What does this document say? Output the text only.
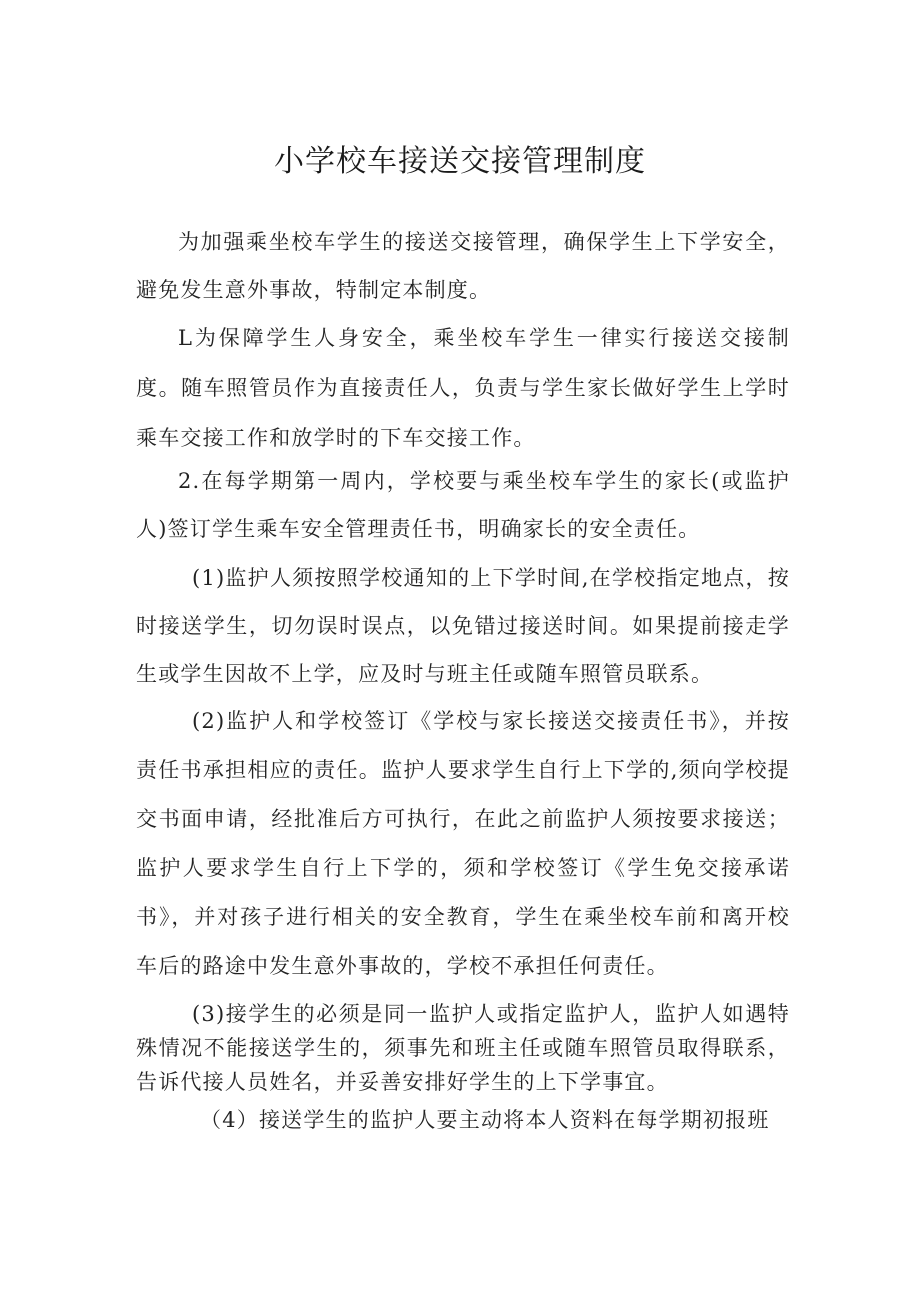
小学校车接送交接管理制度

为加强乘坐校车学生的接送交接管理，确保学生上下学安全，避免发生意外事故，特制定本制度。

L为保障学生人身安全，乘坐校车学生一律实行接送交接制度。随车照管员作为直接责任人，负责与学生家长做好学生上学时乘车交接工作和放学时的下车交接工作。

2.在每学期第一周内，学校要与乘坐校车学生的家长(或监护人)签订学生乘车安全管理责任书，明确家长的安全责任。

(1)监护人须按照学校通知的上下学时间,在学校指定地点，按时接送学生，切勿误时误点，以免错过接送时间。如果提前接走学生或学生因故不上学，应及时与班主任或随车照管员联系。

(2)监护人和学校签订《学校与家长接送交接责任书》，并按责任书承担相应的责任。监护人要求学生自行上下学的,须向学校提交书面申请，经批准后方可执行，在此之前监护人须按要求接送；监护人要求学生自行上下学的，须和学校签订《学生免交接承诺书》，并对孩子进行相关的安全教育，学生在乘坐校车前和离开校车后的路途中发生意外事故的，学校不承担任何责任。

(3)接学生的必须是同一监护人或指定监护人，监护人如遇特殊情况不能接送学生的，须事先和班主任或随车照管员取得联系，告诉代接人员姓名，并妥善安排好学生的上下学事宜。

（4）接送学生的监护人要主动将本人资料在每学期初报班
